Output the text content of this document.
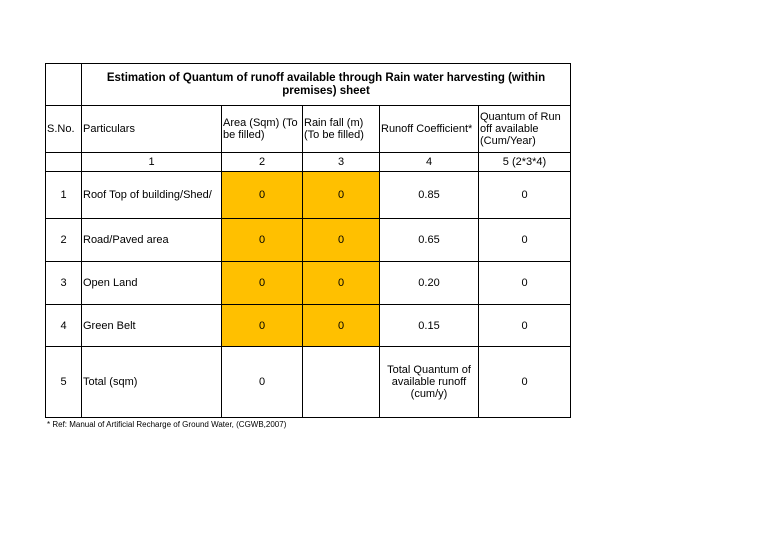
	Estimation of Quantum of runoff available through Rain water harvesting (within premises) sheet				
S.No.	Particulars	Area (Sqm) (To be filled)	Rain fall (m) (To be filled)	Runoff Coefficient*	Quantum of Run off available (Cum/Year)
	1	2	3	4	5 (2*3*4)
1	Roof Top of building/Shed/	0	0	0.85	0
2	Road/Paved area	0	0	0.65	0
3	Open Land	0	0	0.20	0
4	Green Belt	0	0	0.15	0
5	Total (sqm)	0		Total Quantum of available runoff (cum/y)	0
* Ref: Manual of Artificial Recharge of Ground Water, (CGWB,2007)
